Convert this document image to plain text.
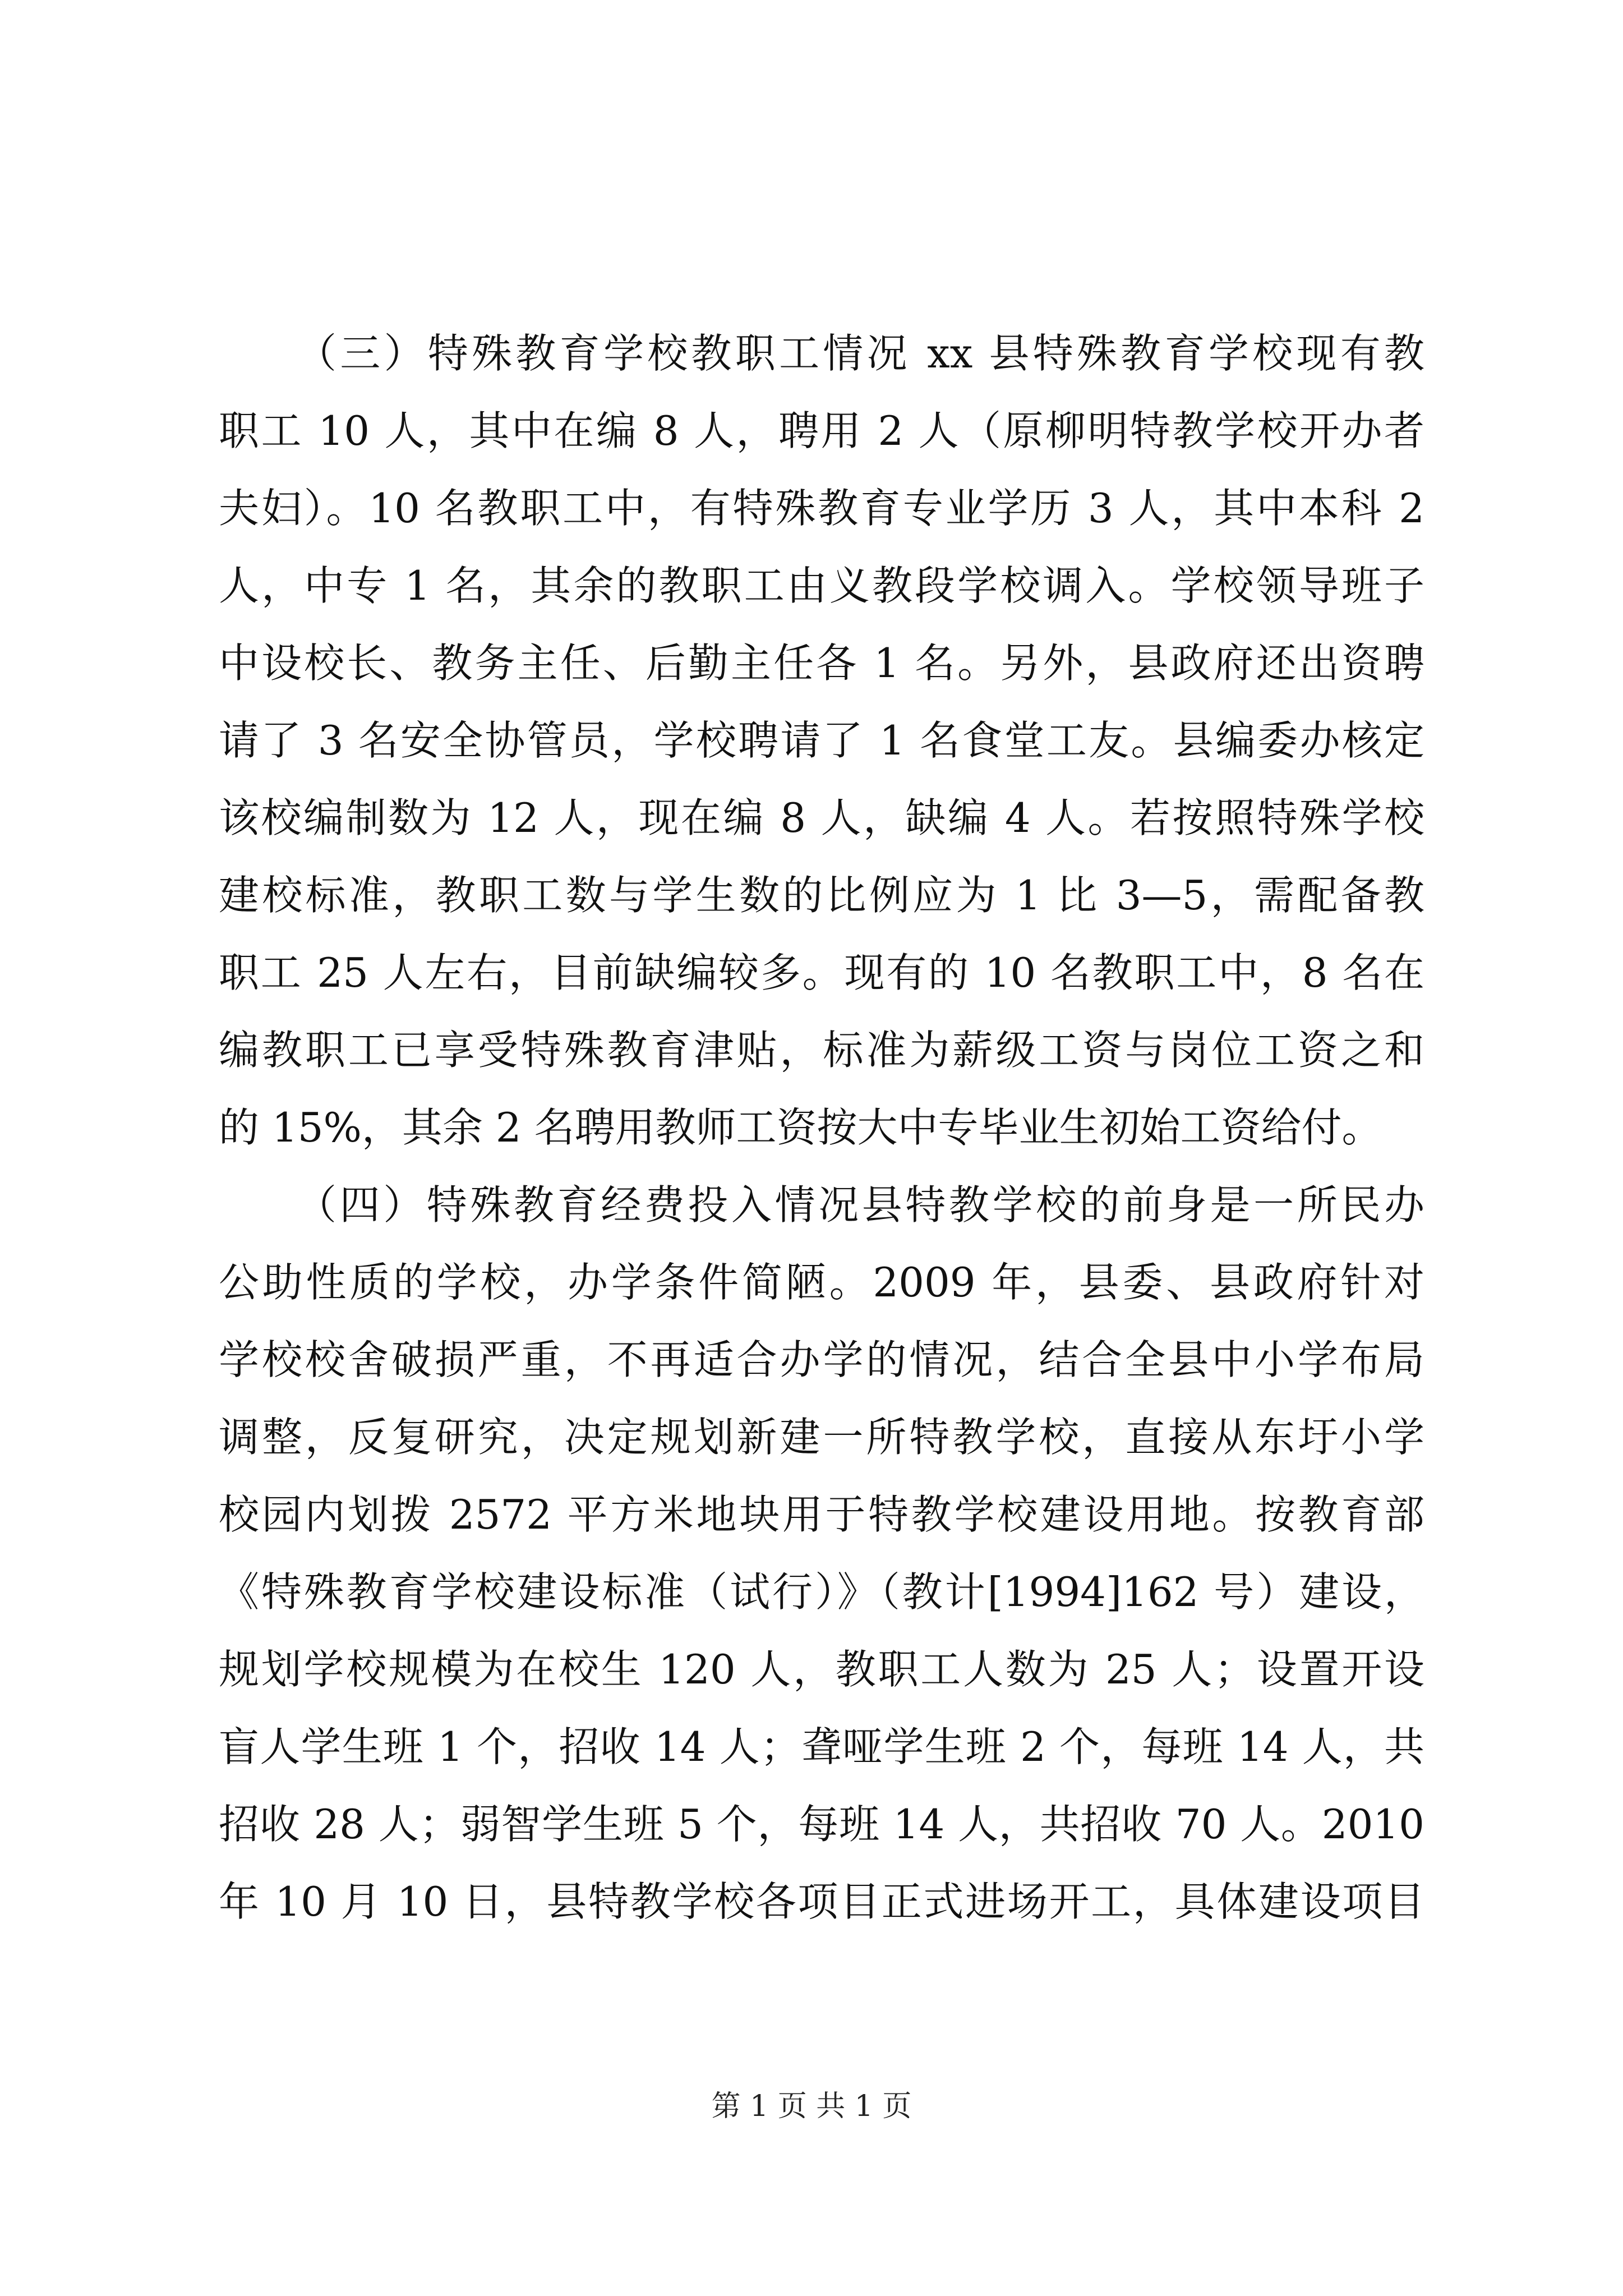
（三）特殊教育学校教职工情况 xx 县特殊教育学校现有教
职工 10 人，其中在编 8 人，聘用 2 人（原柳明特教学校开办者
夫妇）。10 名教职工中，有特殊教育专业学历 3 人，其中本科 2
人，中专 1 名，其余的教职工由义教段学校调入。学校领导班子
中设校长、教务主任、后勤主任各 1 名。另外，县政府还出资聘
请了 3 名安全协管员，学校聘请了 1 名食堂工友。县编委办核定
该校编制数为 12 人，现在编 8 人，缺编 4 人。若按照特殊学校
建校标准，教职工数与学生数的比例应为 1 比 3—5，需配备教
职工 25 人左右，目前缺编较多。现有的 10 名教职工中，8 名在
编教职工已享受特殊教育津贴，标准为薪级工资与岗位工资之和
的 15%，其余 2 名聘用教师工资按大中专毕业生初始工资给付。
（四）特殊教育经费投入情况县特教学校的前身是一所民办
公助性质的学校，办学条件简陋。2009 年，县委、县政府针对
学校校舍破损严重，不再适合办学的情况，结合全县中小学布局
调整，反复研究，决定规划新建一所特教学校，直接从东圩小学
校园内划拨 2572 平方米地块用于特教学校建设用地。按教育部
《特殊教育学校建设标准（试行）》（教计[1994]162 号）建设，
规划学校规模为在校生 120 人，教职工人数为 25 人；设置开设
盲人学生班 1 个，招收 14 人；聋哑学生班 2 个，每班 14 人，共
招收 28 人；弱智学生班 5 个，每班 14 人，共招收 70 人。2010
年 10 月 10 日，县特教学校各项目正式进场开工，具体建设项目
第 1 页 共 1 页
